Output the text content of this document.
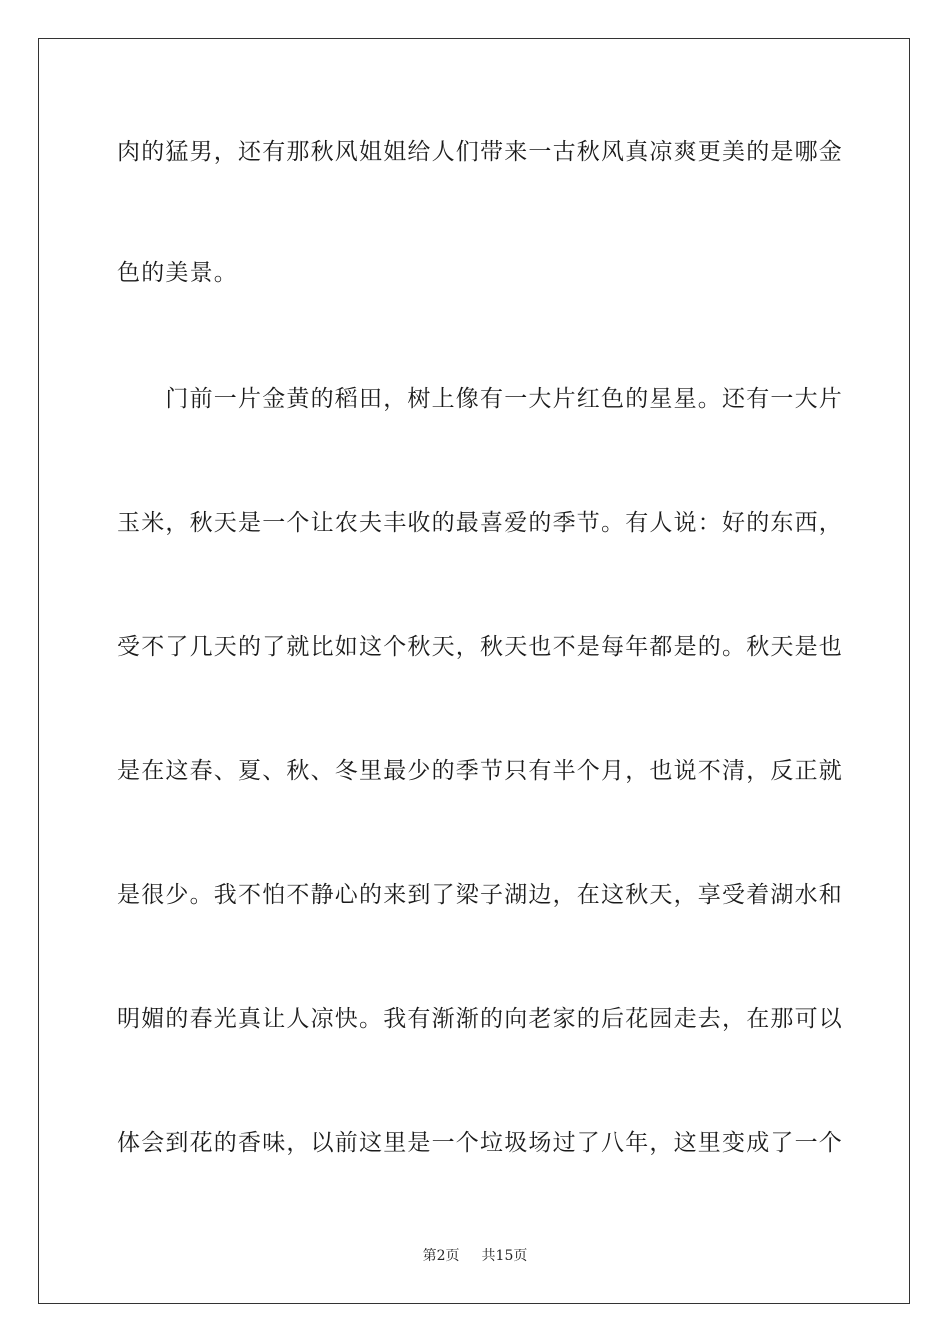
肉的猛男，还有那秋风姐姐给人们带来一古秋风真凉爽更美的是哪金
色的美景。
　　门前一片金黄的稻田，树上像有一大片红色的星星。还有一大片
玉米，秋天是一个让农夫丰收的最喜爱的季节。有人说：好的东西，
受不了几天的了就比如这个秋天，秋天也不是每年都是的。秋天是也
是在这春、夏、秋、冬里最少的季节只有半个月，也说不清，反正就
是很少。我不怕不静心的来到了梁子湖边，在这秋天，享受着湖水和
明媚的春光真让人凉快。我有渐渐的向老家的后花园走去，在那可以
体会到花的香味，以前这里是一个垃圾场过了八年，这里变成了一个
第2页 共15页
